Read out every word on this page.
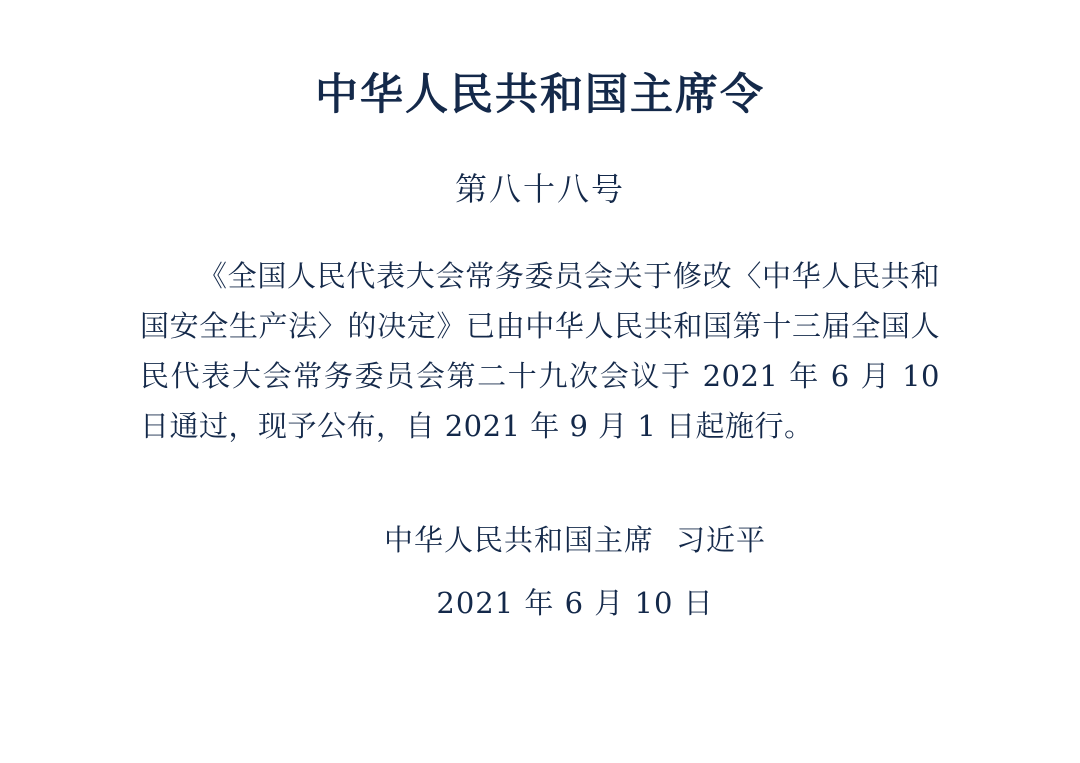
中华人民共和国主席令
第八十八号

《全国人民代表大会常务委员会关于修改〈中华人民共和国安全生产法〉的决定》已由中华人民共和国第十三届全国人民代表大会常务委员会第二十九次会议于 2021 年 6 月 10 日通过，现予公布，自 2021 年 9 月 1 日起施行。

中华人民共和国主席 习近平
2021 年 6 月 10 日
